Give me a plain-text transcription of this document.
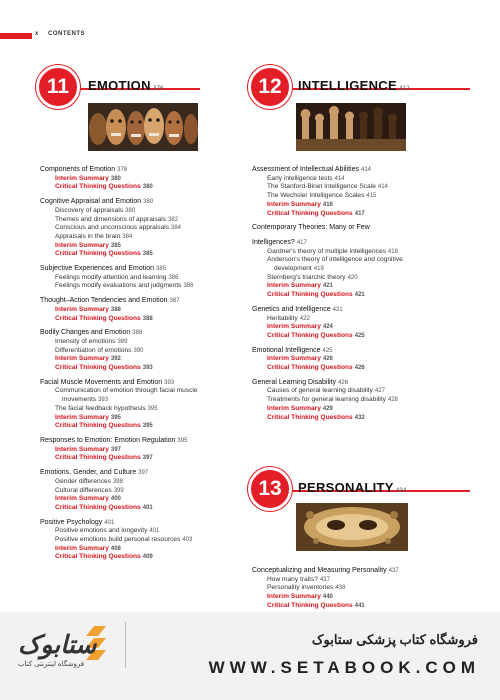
x CONTENTS
11	EMOTION 376
Components of Emotion 378
Interim Summary 380
Critical Thinking Questions 380
Cognitive Appraisal and Emotion 380
Discovery of appraisals 380
Themes and dimensions of appraisals 382
Conscious and unconscious appraisals 384
Appraisals in the brain 384
Interim Summary 385
Critical Thinking Questions 385
Subjective Experiences and Emotion 385
Feelings modify attention and learning 386
Feelings modify evaluations and judgments 386
Thought–Action Tendencies and Emotion 387
Interim Summary 388
Critical Thinking Questions 388
Bodily Changes and Emotion 388
Intensity of emotions 389
Differentiation of emotions 390
Interim Summary 392
Critical Thinking Questions 393
Facial Muscle Movements and Emotion 393
Communication of emotion through facial muscle
movements 393
The facial feedback hypothesis 395
Interim Summary 395
Critical Thinking Questions 395
Responses to Emotion: Emotion Regulation 395
Interim Summary 397
Critical Thinking Questions 397
Emotions, Gender, and Culture 397
Gender differences 398
Cultural differences 399
Interim Summary 400
Critical Thinking Questions 401
Positive Psychology 401
Positive emotions and longevity 401
Positive emotions build personal resources 403
Interim Summary 408
Critical Thinking Questions 409
12	INTELLIGENCE 412
Assessment of Intellectual Abilities 414
Early intelligence tests 414
The Stanford-Binet Intelligence Scale 414
The Wechsler Intelligence Scales 415
Interim Summary 416
Critical Thinking Questions 417
Contemporary Theories: Many or Few
Intelligences? 417
Gardner's theory of multiple intelligences 418
Anderson's theory of intelligence and cognitive
development 419
Sternberg's triarchic theory 420
Interim Summary 421
Critical Thinking Questions 421
Genetics and Intelligence 421
Heritability 422
Interim Summary 424
Critical Thinking Questions 425
Emotional Intelligence 425
Interim Summary 426
Critical Thinking Questions 426
General Learning Disability 426
Causes of general learning disability 427
Treatments for general learning disability 428
Interim Summary 429
Critical Thinking Questions 432
13	PERSONALITY 434
Conceptualizing and Measuring Personality 437
How many traits? 437
Personality inventories 438
Interim Summary 440
Critical Thinking Questions 441
ستابوک
فروشگاه اینترنتی کتاب
فروشگاه کتاب پزشکی ستابوک
WWW.SETABOOK.COM
